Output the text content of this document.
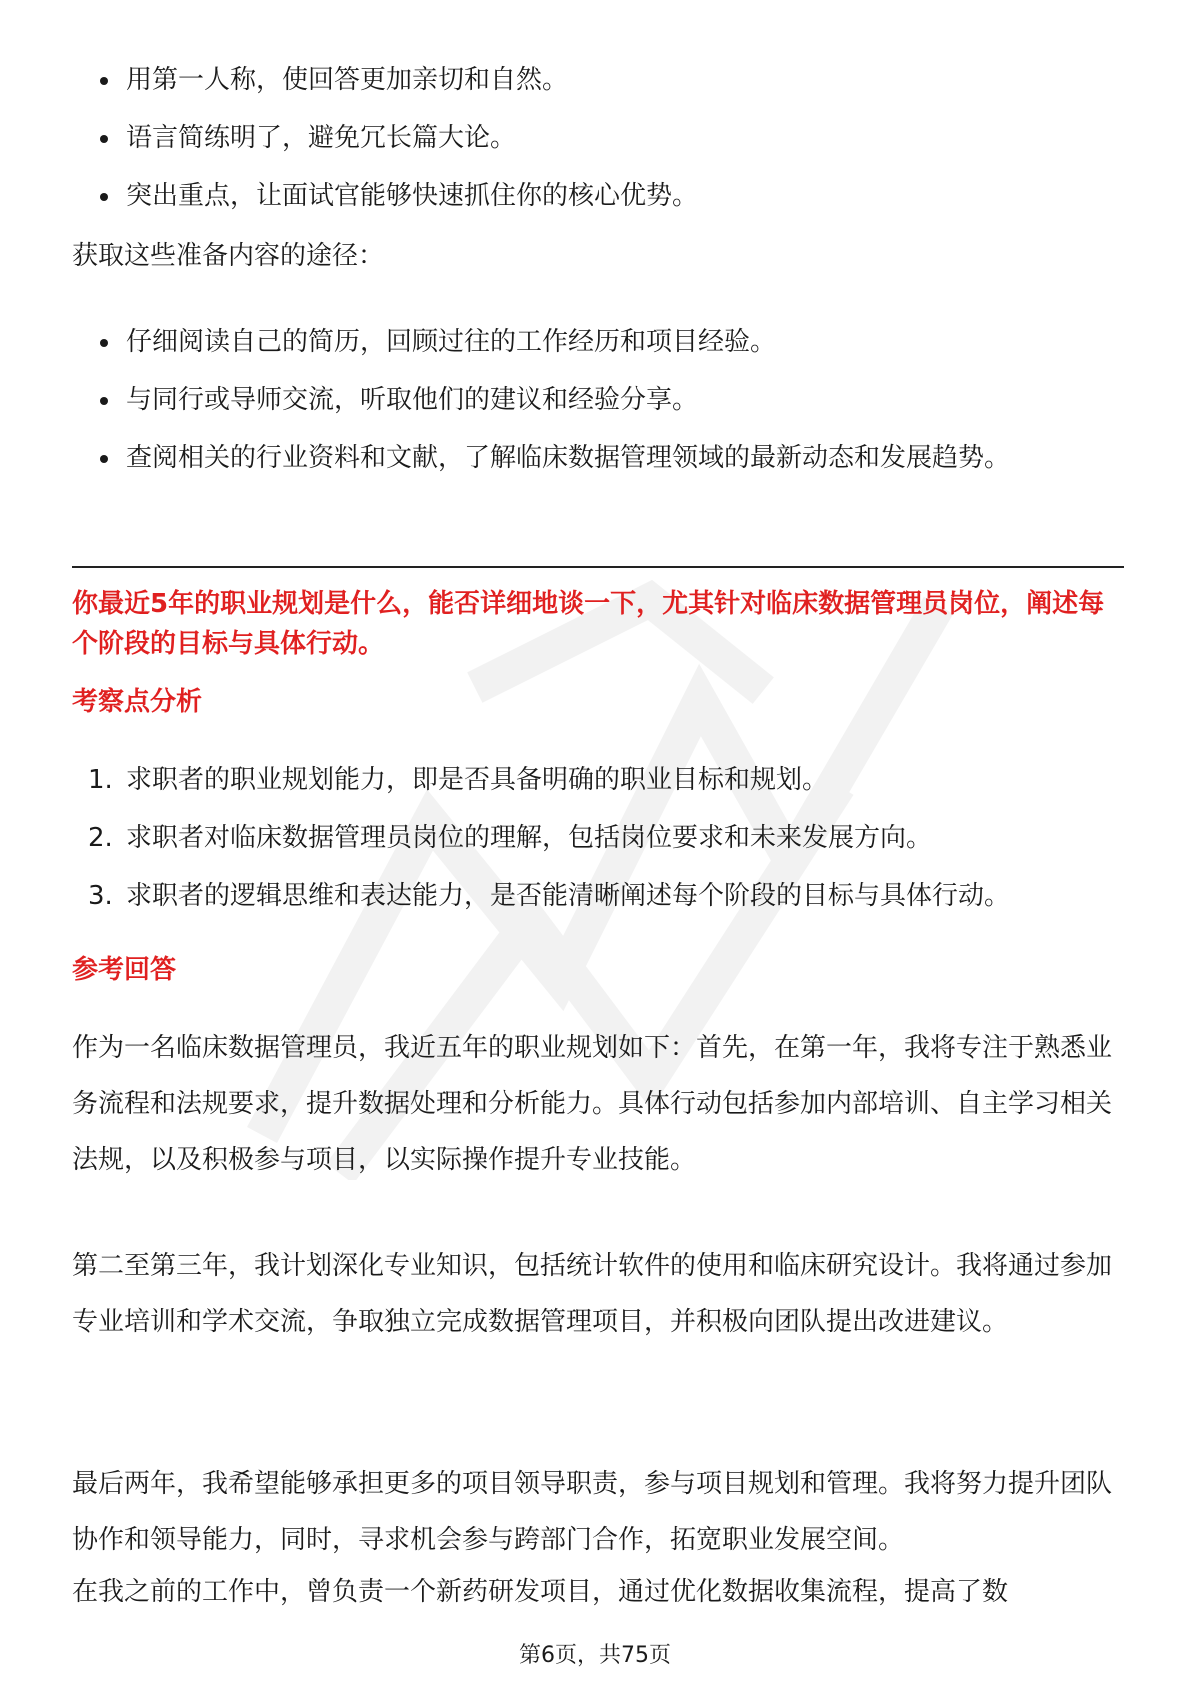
用第一人称，使回答更加亲切和自然。
语言简练明了，避免冗长篇大论。
突出重点，让面试官能够快速抓住你的核心优势。

获取这些准备内容的途径：

仔细阅读自己的简历，回顾过往的工作经历和项目经验。
与同行或导师交流，听取他们的建议和经验分享。
查阅相关的行业资料和文献，了解临床数据管理领域的最新动态和发展趋势。

你最近5年的职业规划是什么，能否详细地谈一下，尤其针对临床数据管理员岗位，阐述每个阶段的目标与具体行动。

考察点分析

1. 求职者的职业规划能力，即是否具备明确的职业目标和规划。
2. 求职者对临床数据管理员岗位的理解，包括岗位要求和未来发展方向。
3. 求职者的逻辑思维和表达能力，是否能清晰阐述每个阶段的目标与具体行动。

参考回答

作为一名临床数据管理员，我近五年的职业规划如下：首先，在第一年，我将专注于熟悉业务流程和法规要求，提升数据处理和分析能力。具体行动包括参加内部培训、自主学习相关法规，以及积极参与项目，以实际操作提升专业技能。

第二至第三年，我计划深化专业知识，包括统计软件的使用和临床研究设计。我将通过参加专业培训和学术交流，争取独立完成数据管理项目，并积极向团队提出改进建议。

最后两年，我希望能够承担更多的项目领导职责，参与项目规划和管理。我将努力提升团队协作和领导能力，同时，寻求机会参与跨部门合作，拓宽职业发展空间。

在我之前的工作中，曾负责一个新药研发项目，通过优化数据收集流程，提高了数

第6页，共75页
